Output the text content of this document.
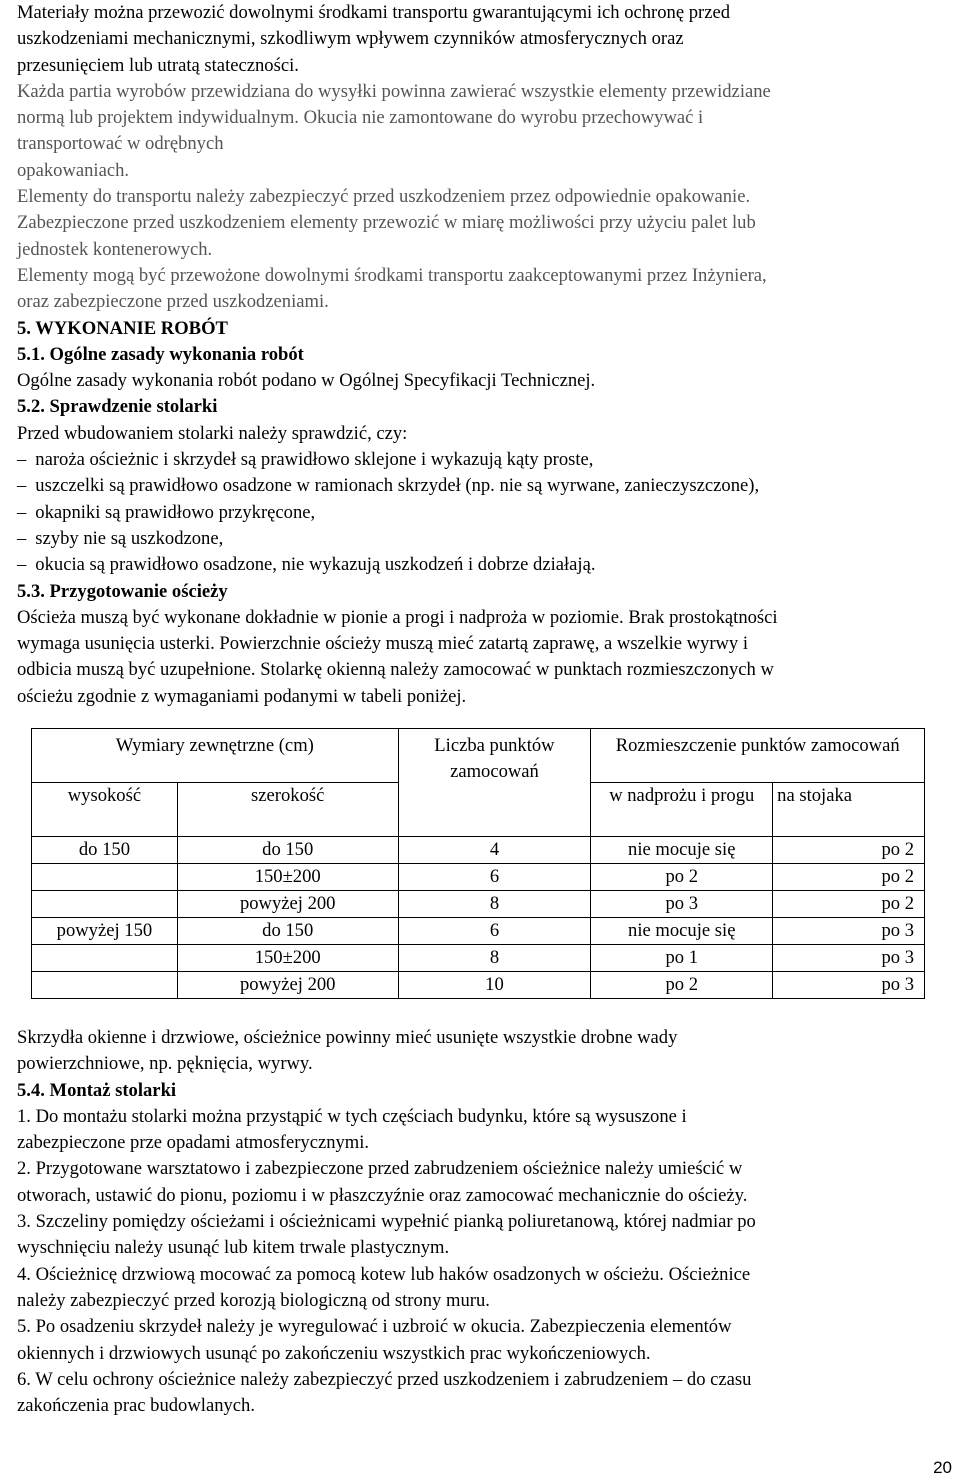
Materiały można przewozić dowolnymi środkami transportu gwarantującymi ich ochronę przed
uszkodzeniami mechanicznymi, szkodliwym wpływem czynników atmosferycznych oraz
przesunięciem lub utratą stateczności.
Każda partia wyrobów przewidziana do wysyłki powinna zawierać wszystkie elementy przewidziane
normą lub projektem indywidualnym. Okucia nie zamontowane do wyrobu przechowywać i
transportować w odrębnych
opakowaniach.
Elementy do transportu należy zabezpieczyć przed uszkodzeniem przez odpowiednie opakowanie.
Zabezpieczone przed uszkodzeniem elementy przewozić w miarę możliwości przy użyciu palet lub
jednostek kontenerowych.
Elementy mogą być przewożone dowolnymi środkami transportu zaakceptowanymi przez Inżyniera,
oraz zabezpieczone przed uszkodzeniami.
5. WYKONANIE ROBÓT
5.1. Ogólne zasady wykonania robót
Ogólne zasady wykonania robót podano w Ogólnej Specyfikacji Technicznej.
5.2. Sprawdzenie stolarki
Przed wbudowaniem stolarki należy sprawdzić, czy:
– naroża ościeżnic i skrzydeł są prawidłowo sklejone i wykazują kąty proste,
– uszczelki są prawidłowo osadzone w ramionach skrzydeł (np. nie są wyrwane, zanieczyszczone),
– okapniki są prawidłowo przykręcone,
– szyby nie są uszkodzone,
– okucia są prawidłowo osadzone, nie wykazują uszkodzeń i dobrze działają.
5.3. Przygotowanie ościeży
Ościeża muszą być wykonane dokładnie w pionie a progi i nadproża w poziomie. Brak prostokątności
wymaga usunięcia usterki. Powierzchnie ościeży muszą mieć zatartą zaprawę, a wszelkie wyrwy i
odbicia muszą być uzupełnione. Stolarkę okienną należy zamocować w punktach rozmieszczonych w
ościeżu zgodnie z wymaganiami podanymi w tabeli poniżej.
Wymiary zewnętrzne (cm)		Liczba punktów zamocowań	Rozmieszczenie punktów zamocowań	
wysokość	szerokość		w nadprożu i progu	na stojaka
do 150	do 150	4	nie mocuje się	po 2
	150±200	6	po 2	po 2
	powyżej 200	8	po 3	po 2
powyżej 150	do 150	6	nie mocuje się	po 3
	150±200	8	po 1	po 3
	powyżej 200	10	po 2	po 3
Skrzydła okienne i drzwiowe, ościeżnice powinny mieć usunięte wszystkie drobne wady
powierzchniowe, np. pęknięcia, wyrwy.
5.4. Montaż stolarki
1. Do montażu stolarki można przystąpić w tych częściach budynku, które są wysuszone i
zabezpieczone prze opadami atmosferycznymi.
2. Przygotowane warsztatowo i zabezpieczone przed zabrudzeniem ościeżnice należy umieścić w
otworach, ustawić do pionu, poziomu i w płaszczyźnie oraz zamocować mechanicznie do ościeży.
3. Szczeliny pomiędzy ościeżami i ościeżnicami wypełnić pianką poliuretanową, której nadmiar po
wyschnięciu należy usunąć lub kitem trwale plastycznym.
4. Ościeżnicę drzwiową mocować za pomocą kotew lub haków osadzonych w ościeżu. Ościeżnice
należy zabezpieczyć przed korozją biologiczną od strony muru.
5. Po osadzeniu skrzydeł należy je wyregulować i uzbroić w okucia. Zabezpieczenia elementów
okiennych i drzwiowych usunąć po zakończeniu wszystkich prac wykończeniowych.
6. W celu ochrony ościeżnice należy zabezpieczyć przed uszkodzeniem i zabrudzeniem – do czasu
zakończenia prac budowlanych.
20
